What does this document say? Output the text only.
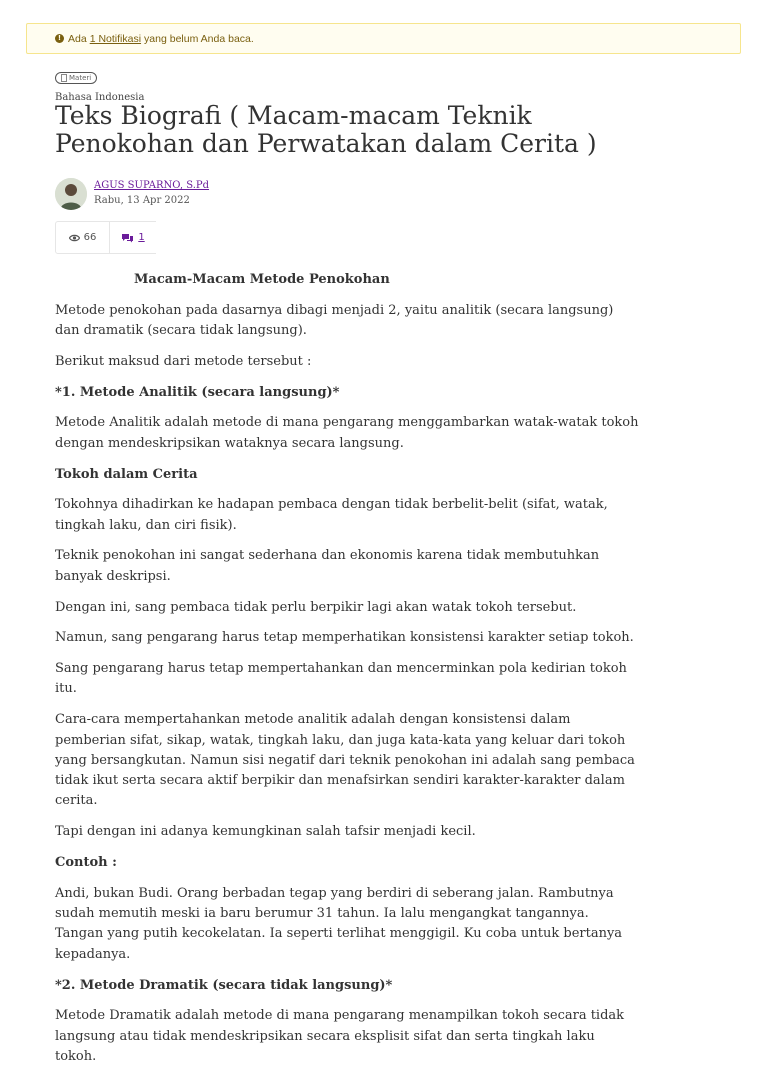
! Ada 1 Notifikasi yang belum Anda baca.
Materi
Bahasa Indonesia
Teks Biografi ( Macam-macam Teknik Penokohan dan Perwatakan dalam Cerita )
AGUS SUPARNO, S.Pd
Rabu, 13 Apr 2022
66	1

Macam-Macam Metode Penokohan

Metode penokohan pada dasarnya dibagi menjadi 2, yaitu analitik (secara langsung) dan dramatik (secara tidak langsung).

Berikut maksud dari metode tersebut :

*1. Metode Analitik (secara langsung)*

Metode Analitik adalah metode di mana pengarang menggambarkan watak-watak tokoh dengan mendeskripsikan wataknya secara langsung.

Tokoh dalam Cerita

Tokohnya dihadirkan ke hadapan pembaca dengan tidak berbelit-belit (sifat, watak, tingkah laku, dan ciri fisik).

Teknik penokohan ini sangat sederhana dan ekonomis karena tidak membutuhkan banyak deskripsi.

Dengan ini, sang pembaca tidak perlu berpikir lagi akan watak tokoh tersebut.

Namun, sang pengarang harus tetap memperhatikan konsistensi karakter setiap tokoh.

Sang pengarang harus tetap mempertahankan dan mencerminkan pola kedirian tokoh itu.

Cara-cara mempertahankan metode analitik adalah dengan konsistensi dalam pemberian sifat, sikap, watak, tingkah laku, dan juga kata-kata yang keluar dari tokoh yang bersangkutan. Namun sisi negatif dari teknik penokohan ini adalah sang pembaca tidak ikut serta secara aktif berpikir dan menafsirkan sendiri karakter-karakter dalam cerita.

Tapi dengan ini adanya kemungkinan salah tafsir menjadi kecil.

Contoh :

Andi, bukan Budi. Orang berbadan tegap yang berdiri di seberang jalan. Rambutnya sudah memutih meski ia baru berumur 31 tahun. Ia lalu mengangkat tangannya. Tangan yang putih kecokelatan. Ia seperti terlihat menggigil. Ku coba untuk bertanya kepadanya.

*2. Metode Dramatik (secara tidak langsung)*

Metode Dramatik adalah metode di mana pengarang menampilkan tokoh secara tidak langsung atau tidak mendeskripsikan secara eksplisit sifat dan serta tingkah laku tokoh.
